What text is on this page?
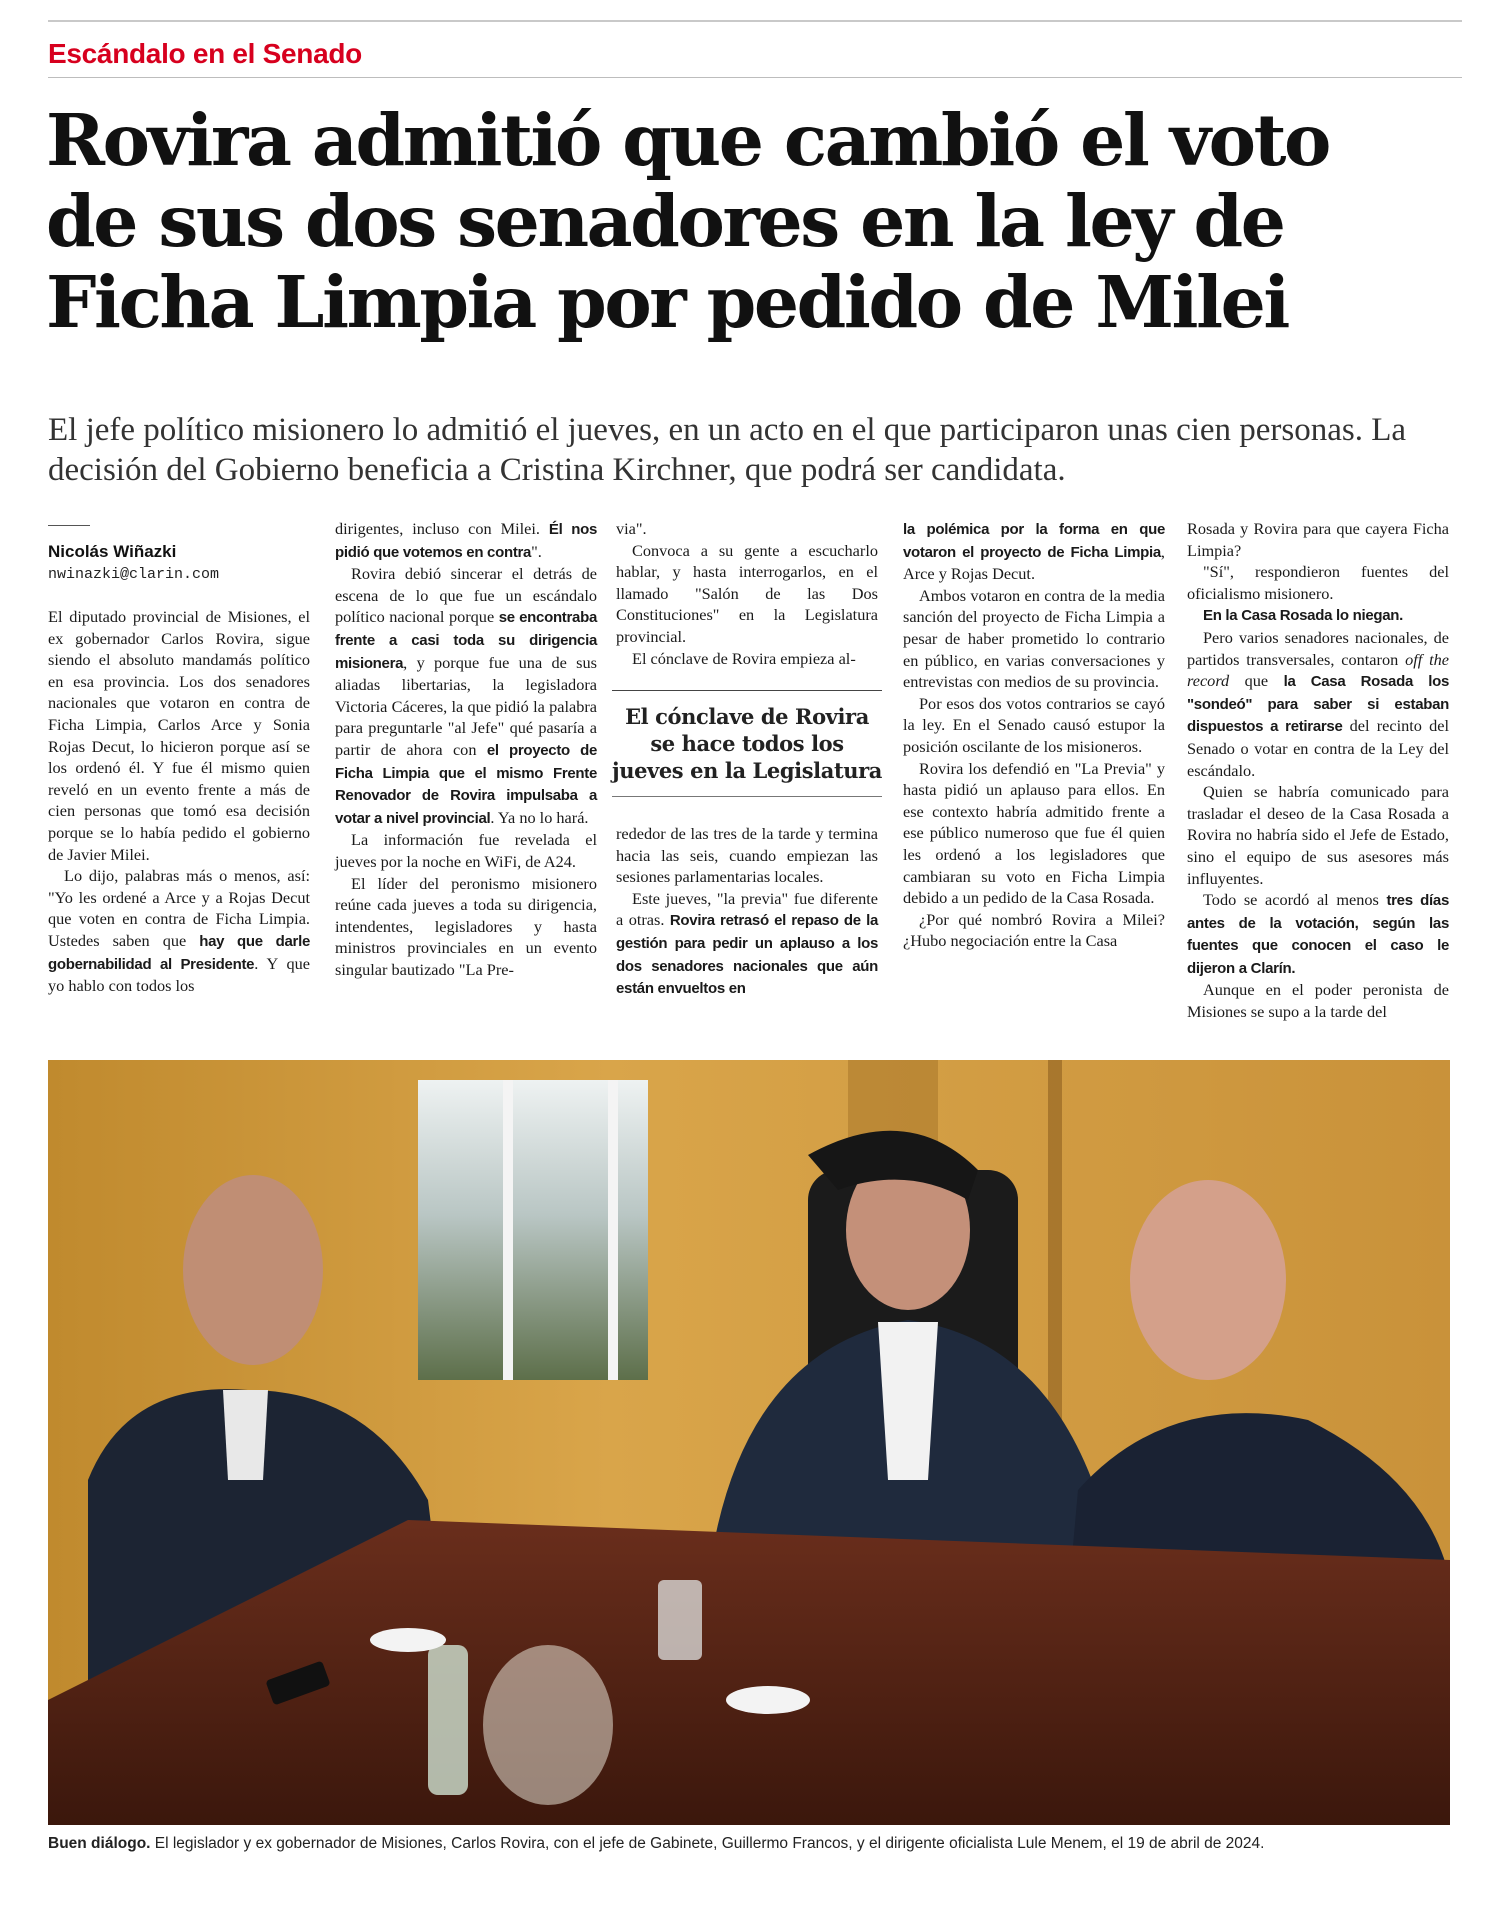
Escándalo en el Senado
Rovira admitió que cambió el voto
de sus dos senadores en la ley de
Ficha Limpia por pedido de Milei

El jefe político misionero lo admitió el jueves, en un acto en el que participaron unas cien personas. La decisión del Gobierno beneficia a Cristina Kirchner, que podrá ser candidata.

Nicolás Wiñazki
nwinazki@clarin.com

El diputado provincial de Misiones, el ex gobernador Carlos Rovira, sigue siendo el absoluto mandamás político en esa provincia. Los dos senadores nacionales que votaron en contra de Ficha Limpia, Carlos Arce y Sonia Rojas Decut, lo hicieron porque así se los ordenó él. Y fue él mismo quien reveló en un evento frente a más de cien personas que tomó esa decisión porque se lo había pedido el gobierno de Javier Milei.

Lo dijo, palabras más o menos, así: "Yo les ordené a Arce y a Rojas Decut que voten en contra de Ficha Limpia. Ustedes saben que hay que darle gobernabilidad al Presidente. Y que yo hablo con todos los

dirigentes, incluso con Milei. Él nos pidió que votemos en contra".

Rovira debió sincerar el detrás de escena de lo que fue un escándalo político nacional porque se encontraba frente a casi toda su dirigencia misionera, y porque fue una de sus aliadas libertarias, la legisladora Victoria Cáceres, la que pidió la palabra para preguntarle "al Jefe" qué pasaría a partir de ahora con el proyecto de Ficha Limpia que el mismo Frente Renovador de Rovira impulsaba a votar a nivel provincial. Ya no lo hará.

La información fue revelada el jueves por la noche en WiFi, de A24.

El líder del peronismo misionero reúne cada jueves a toda su dirigencia, intendentes, legisladores y hasta ministros provinciales en un evento singular bautizado "La Pre-

via".

Convoca a su gente a escucharlo hablar, y hasta interrogarlos, en el llamado "Salón de las Dos Constituciones" en la Legislatura provincial.

El cónclave de Rovira empieza al-

El cónclave de Rovira se hace todos los jueves en la Legislatura

rededor de las tres de la tarde y termina hacia las seis, cuando empiezan las sesiones parlamentarias locales.

Este jueves, "la previa" fue diferente a otras. Rovira retrasó el repaso de la gestión para pedir un aplauso a los dos senadores nacionales que aún están envueltos en

la polémica por la forma en que votaron el proyecto de Ficha Limpia, Arce y Rojas Decut.

Ambos votaron en contra de la media sanción del proyecto de Ficha Limpia a pesar de haber prometido lo contrario en público, en varias conversaciones y entrevistas con medios de su provincia.

Por esos dos votos contrarios se cayó la ley. En el Senado causó estupor la posición oscilante de los misioneros.

Rovira los defendió en "La Previa" y hasta pidió un aplauso para ellos. En ese contexto habría admitido frente a ese público numeroso que fue él quien les ordenó a los legisladores que cambiaran su voto en Ficha Limpia debido a un pedido de la Casa Rosada.

¿Por qué nombró Rovira a Milei? ¿Hubo negociación entre la Casa

Rosada y Rovira para que cayera Ficha Limpia?

"Sí", respondieron fuentes del oficialismo misionero.

En la Casa Rosada lo niegan.

Pero varios senadores nacionales, de partidos transversales, contaron off the record que la Casa Rosada los "sondeó" para saber si estaban dispuestos a retirarse del recinto del Senado o votar en contra de la Ley del escándalo.

Quien se habría comunicado para trasladar el deseo de la Casa Rosada a Rovira no habría sido el Jefe de Estado, sino el equipo de sus asesores más influyentes.

Todo se acordó al menos tres días antes de la votación, según las fuentes que conocen el caso le dijeron a Clarín.

Aunque en el poder peronista de Misiones se supo a la tarde del

Buen diálogo. El legislador y ex gobernador de Misiones, Carlos Rovira, con el jefe de Gabinete, Guillermo Francos, y el dirigente oficialista Lule Menem, el 19 de abril de 2024.
